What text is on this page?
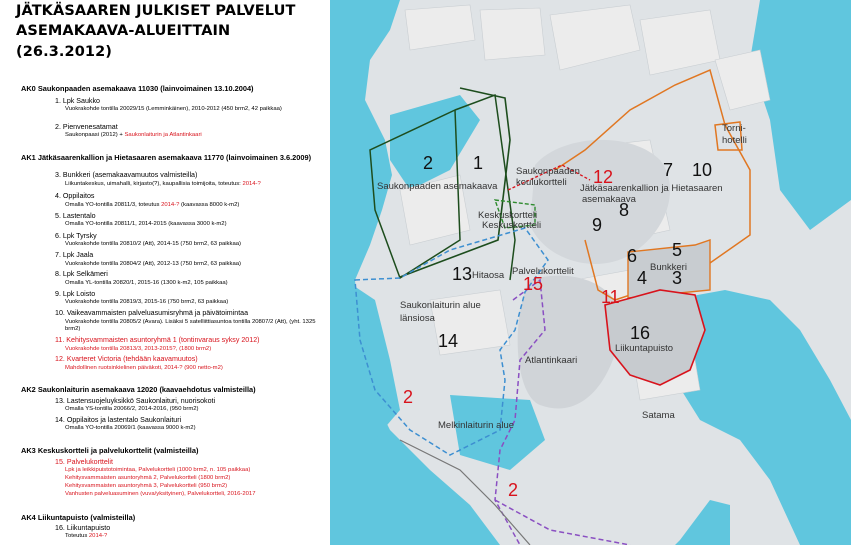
JÄTKÄSAAREN JULKISET PALVELUT
ASEMAKAAVA-ALUEITTAIN
(26.3.2012)
AK0 Saukonpaaden asemakaava 11030 (lainvoimainen 13.10.2004)
1. Lpk Saukko
Vuokrakohde tontilla 20029/15 (Lemminkäinen), 2010-2012 (450 brm2, 42 paikkaa)
2. Pienvenesatamat
Saukonpaasi (2012) + Saukonlaiturin ja Atlantinkaari
AK1 Jätkäsaarenkallion ja Hietasaaren asemakaava 11770 (lainvoimainen 3.6.2009)
3. Bunkkeri (asemakaavamuutos valmisteilla)
Liikuntakeskus, uimahalli, kirjasto(?), kaupallisia toimijoita, toteutus: 2014-?
4. Oppilaitos
Omalla YO-tontilla 20811/3, toteutus 2014-? (kaavassa 8000 k-m2)
5. Lastentalo
Omalla YO-tontilla 20811/1, 2014-2015 (kaavassa 3000 k-m2)
6. Lpk Tyrsky
Vuokrakohde tontilla 20810/2 (Att), 2014-15 (750 brm2, 63 paikkaa)
7. Lpk Jaala
Vuokrakohde tontilla 20804/2 (Att), 2012-13 (750 brm2, 63 paikkaa)
8. Lpk Selkämeri
Omalla YL-tontilla 20820/1, 2015-16 (1300 k-m2, 105 paikkaa)
9. Lpk Loisto
Vuokrakohde tontilla 20819/3, 2015-16 (750 brm2, 63 paikkaa)
10. Vaikeavammaisten palveluasumisryhmä ja päivätoimintaa
Vuokrakohde tontilla 20805/2 (Avara). Lisäksi 5 satelliittiasuntoa tontilla 20807/2 (Att), (yht. 1325 brm2)
11. Kehitysvammaisten asuntoryhmä 1 (tontinvaraus syksy 2012)
Vuokrakohde tontilla 20813/3, 2013-2015?, (1800 brm2)
12. Kvarteret Victoria (tehdään kaavamuutos)
Mahdollinen ruotsinkielinen päiväkoti, 2014-? (900 netto-m2)
AK2 Saukonlaiturin asemakaava 12020 (kaavaehdotus valmisteilla)
13. Lastensuojeluyksikkö Saukonlaituri, nuorisokoti
Omalla YS-tontilla 20066/2, 2014-2016, (950 brm2)
14. Oppilaitos ja lastentalo Saukonlaituri
Omalla YO-tontilla 20069/1 (kaavassa 9000 k-m2)
AK3 Keskuskortteli ja palvelukorttelit (valmisteilla)
15. Palvelukorttelit
Lpk ja leikkipuistotoimintaa, Palvelukortteli (1000 brm2, n. 105 paikkaa)
Kehitysvammaisten asuntoryhmä 2, Palvelukortteli (1800 brm2)
Kehitysvammaisten asuntoryhmä 3, Palvelukortteli (950 brm2)
Vanhusten palveluasuminen (vuva/yksityinen), Palvelukortteli, 2016-2017
AK4 Liikuntapuisto (valmisteilla)
16. Liikuntapuisto
Toteutus 2014-?
Saukonpaaden asemakaava
Saukonpaaden
koulukortteli
Jätkäsaarenkallion ja Hietasaaren
asemakaava
Keskuskortteli
Keskuskortteli
Hitaosa Palvelukorttelit	Bunkkeri
Saukonlaiturin alue
länsiosa
Atlantinkaari
Liikuntapuisto
Satama
Melkinlaiturin alue
Torni-
hotelli
2 1
12	7 10
8
9
6 5
4 3
13	15
11
16
14
2
2
